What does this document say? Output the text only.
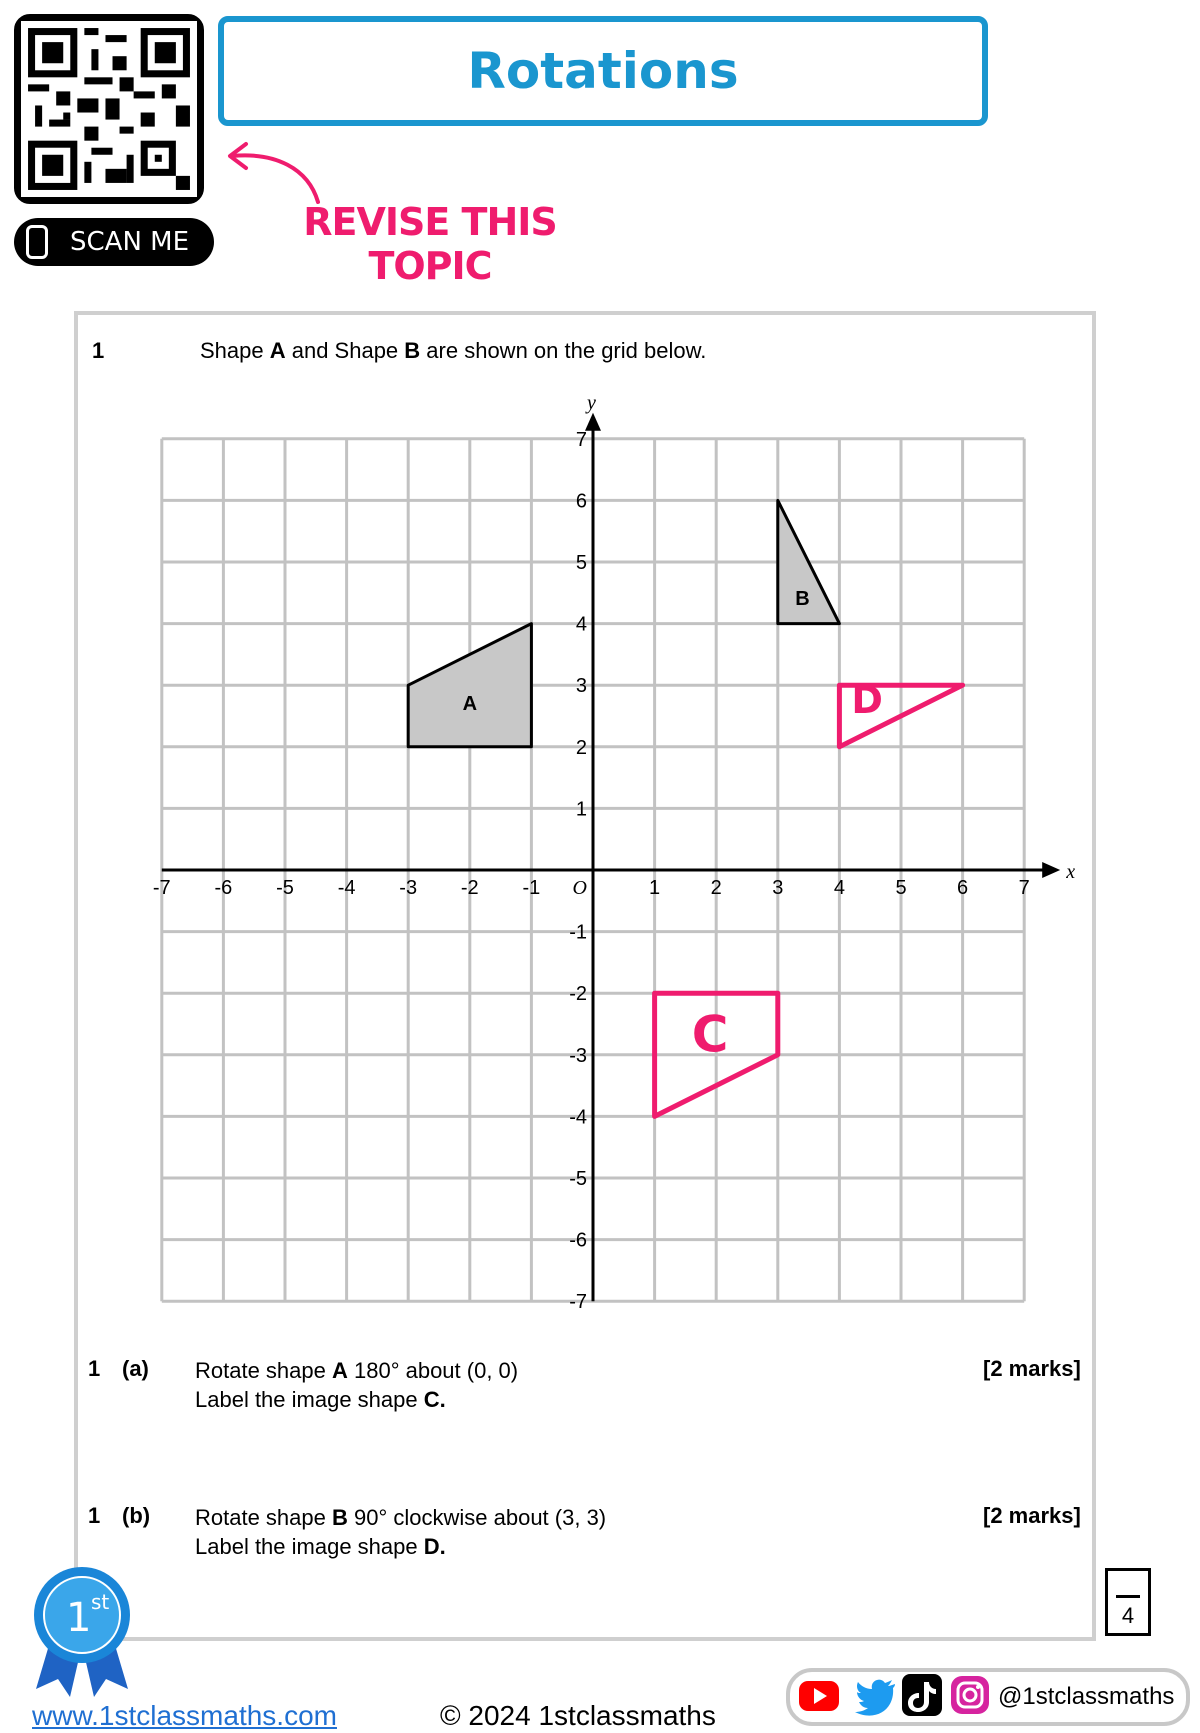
SCAN ME
Rotations
REVISE THIS
TOPIC
1	Shape A and Shape B are shown on the grid below.
A
B
C
D
x
y
-7 -6 -5 -4 -3 -2 -1	1	2	3	4	5	6	7
7
6
5
4
3
2
1
-1
-2
-3
-4
-5
-6
-7
O
1 (a) Rotate shape A 180° about (0, 0)
Label the image shape C.
[2 marks]
1 (b) Rotate shape B 90° clockwise about (3, 3)
Label the image shape D.
[2 marks]
4
1 st
www.1stclassmaths.com	© 2024 1stclassmaths
@1stclassmaths
